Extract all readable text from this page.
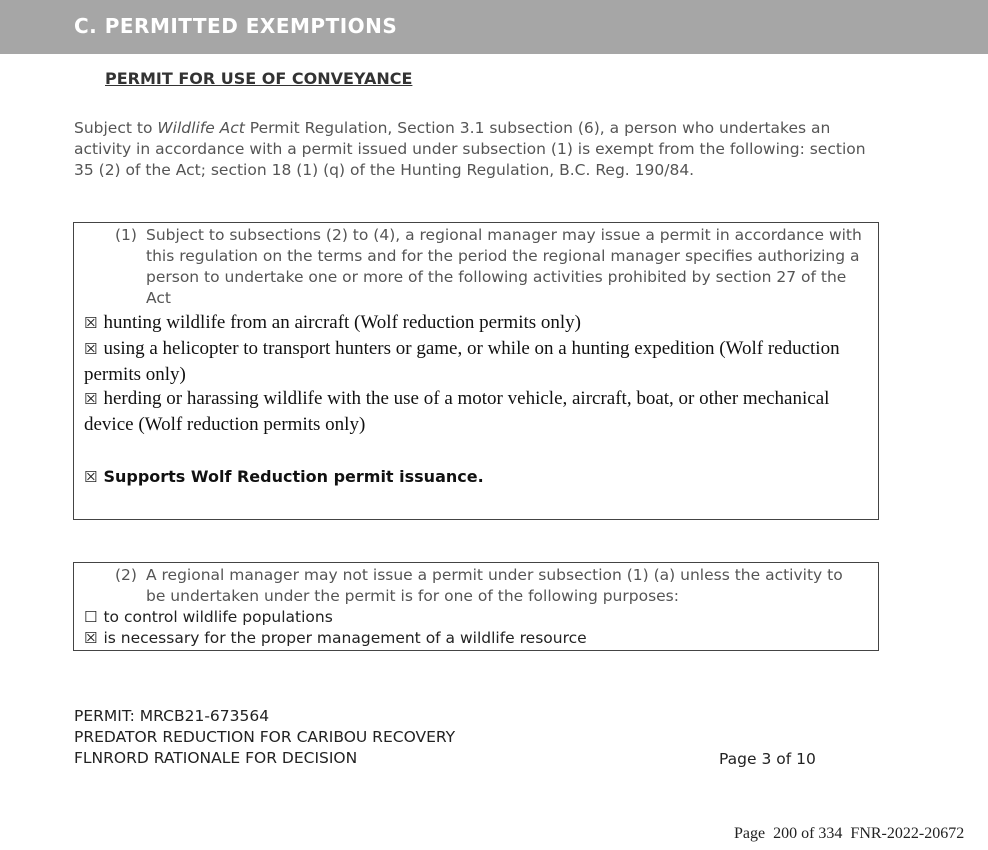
C. PERMITTED EXEMPTIONS
PERMIT FOR USE OF CONVEYANCE
Subject to Wildlife Act Permit Regulation, Section 3.1 subsection (6), a person who undertakes an activity in accordance with a permit issued under subsection (1) is exempt from the following: section 35 (2) of the Act; section 18 (1) (q) of the Hunting Regulation, B.C. Reg. 190/84.
(1) Subject to subsections (2) to (4), a regional manager may issue a permit in accordance with this regulation on the terms and for the period the regional manager specifies authorizing a person to undertake one or more of the following activities prohibited by section 27 of the Act
☒ hunting wildlife from an aircraft (Wolf reduction permits only)
☒ using a helicopter to transport hunters or game, or while on a hunting expedition (Wolf reduction permits only)
☒ herding or harassing wildlife with the use of a motor vehicle, aircraft, boat, or other mechanical device (Wolf reduction permits only)
☒ Supports Wolf Reduction permit issuance.
(2) A regional manager may not issue a permit under subsection (1) (a) unless the activity to be undertaken under the permit is for one of the following purposes:
☐ to control wildlife populations
☒ is necessary for the proper management of a wildlife resource
PERMIT: MRCB21-673564
PREDATOR REDUCTION FOR CARIBOU RECOVERY
FLNRORD RATIONALE FOR DECISION	Page 3 of 10
Page  200 of 334  FNR-2022-20672
